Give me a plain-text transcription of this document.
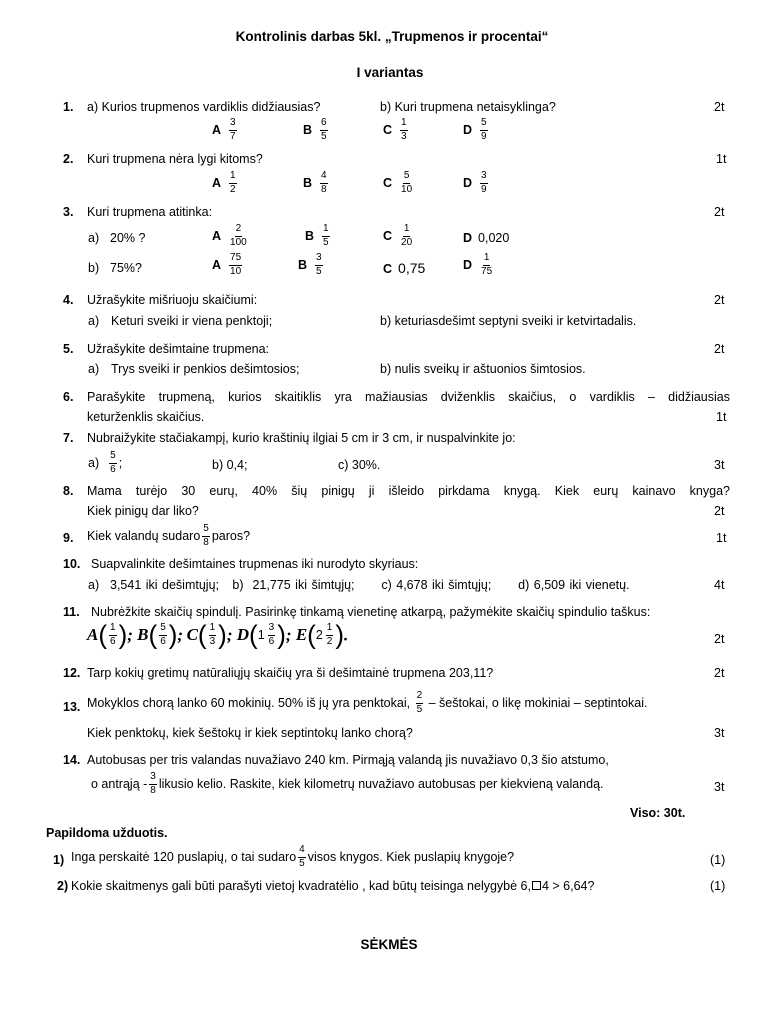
Kontrolinis darbas 5kl. „Trupmenos ir procentai“
I variantas
1. a) Kurios trupmenos vardiklis didžiausias?	b) Kuri trupmena netaisyklinga?	2t
A $\frac{3}{7}$	B $\frac{6}{5}$	C $\frac{1}{3}$	D $\frac{5}{9}$
2. Kuri trupmena nėra lygi kitoms?	1t
A $\frac{1}{2}$	B $\frac{4}{8}$	C $\frac{5}{10}$	D $\frac{3}{9}$
3. Kuri trupmena atitinka:	2t
a) 20% ?	A $\frac{2}{100}$	B $\frac{1}{5}$	C $\frac{1}{20}$	D 0,020
b) 75%?	A $\frac{75}{10}$	B $\frac{3}{5}$	C 0,75	D $\frac{1}{75}$
4. Užrašykite mišriuoju skaičiumi:	2t
a) Keturi sveiki ir viena penktoji;	b) keturiasdešimt septyni sveiki ir ketvirtadalis.
5. Užrašykite dešimtaine trupmena:	2t
a) Trys sveiki ir penkios dešimtosios;	b) nulis sveikų ir aštuonios šimtosios.
6. Parašykite trupmeną, kurios skaitiklis yra mažiausias dviženklis skaičius, o vardiklis – didžiausias
keturženklis skaičius.	1t
7. Nubraižykite stačiakampį, kurio kraštinių ilgiai 5 cm ir 3 cm, ir nuspalvinkite jo:
$a) \frac{5}{6}$ ;	b) 0,4;	c) 30%.	3t
8. Mama turėjo 30 eurų, 40% šių pinigų ji išleido pirkdama knygą. Kiek eurų kainavo knyga?
Kiek pinigų dar liko?	2t
9. Kiek valandų sudaro $\frac{5}{8}$ paros?	1t
10. Suapvalinkite dešimtaines trupmenas iki nurodyto skyriaus:
a) 3,541 iki dešimtųjų;   b)  21,775 iki šimtųjų;      c) 4,678 iki šimtųjų;      d) 6,509 iki vienetų.	4t
11. Nubrėžkite skaičių spindulį. Pasirinkę tinkamą vienetinę atkarpą, pažymėkite skaičių spindulio taškus:
$A( \frac{1}{6}$ ); $B( \frac{5}{6}$ ); $C( \frac{1}{3}$ ); D( 1
3
6 ); E( 2
1
2 ).	2t
12. Tarp kokių gretimų natūraliųjų skaičių yra ši dešimtainė trupmena 203,11?	2t
13. Mokyklos chorą lanko 60 mokinių. 50% iš jų yra penktokai, $\frac{2}{5}$ – šeštokai, o likę mokiniai – septintokai.
Kiek penktokų, kiek šeštokų ir kiek septintokų lanko chorą?	3t
14. Autobusas per tris valandas nuvažiavo 240 km. Pirmąją valandą jis nuvažiavo 0,3 šio atstumo,
o antrąją - $\frac{3}{8}$ likusio kelio. Raskite, kiek kilometrų nuvažiavo autobusas per kiekvieną valandą.	3t
Viso: 30t.
Papildoma užduotis.
1) Inga perskaitė 120 puslapių, o tai sudaro $\frac{4}{5}$ visos knygos. Kiek puslapių knygoje?	(1)
2) Kokie skaitmenys gali būti parašyti vietoj kvadratėlio , kad būtų teisinga nelygybė 6, 4 > 6,64?	(1)
SĖKMĖS
